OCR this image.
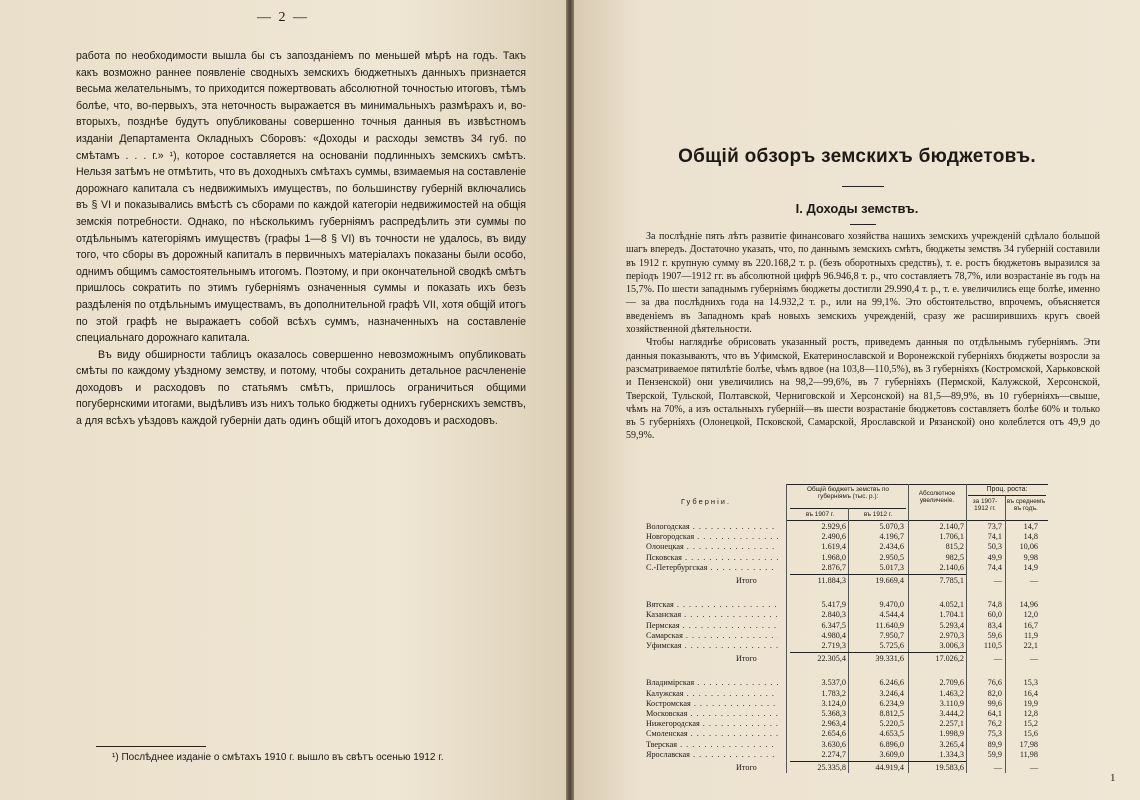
— 2 —

работа по необходимости вышла бы съ запозданіемъ по меньшей мѣрѣ на годъ. Такъ какъ возможно раннее появленіе сводныхъ земскихъ бюджетныхъ данныхъ признается весьма желательнымъ, то приходится пожертвовать абсолютной точностью итоговъ, тѣмъ болѣе, что, во-первыхъ, эта неточность выражается въ минимальныхъ размѣрахъ и, во-вторыхъ, позднѣе будутъ опубликованы совершенно точныя данныя въ извѣстномъ изданіи Департамента Окладныхъ Сборовъ: «Доходы и расходы земствъ 34 губ. по смѣтамъ . . . г.» ¹), которое составляется на основаніи подлинныхъ земскихъ смѣтъ. Нельзя затѣмъ не отмѣтить, что въ доходныхъ смѣтахъ суммы, взимаемыя на составленіе дорожнаго капитала съ недвижимыхъ имуществъ, по большинству губерній включались въ § VI и показывались вмѣстѣ съ сборами по каждой категоріи недвижимостей на общія земскія потребности. Однако, по нѣсколькимъ губерніямъ распредѣлить эти суммы по отдѣльнымъ категоріямъ имуществъ (графы 1—8 § VI) въ точности не удалось, въ виду того, что сборы въ дорожный капиталъ в первичныхъ матеріалахъ показаны были особо, однимъ общимъ самостоятельнымъ итогомъ. Поэтому, и при окончательной сводкѣ смѣтъ пришлось сократить по этимъ губерніямъ означенныя суммы и показать ихъ безъ раздѣленія по отдѣльнымъ имуществамъ, въ дополнительной графѣ VII, хотя общій итогъ по этой графѣ не выражаетъ собой всѣхъ суммъ, назначенныхъ на составленіе специальнаго дорожнаго капитала.

Въ виду обширности таблицъ оказалось совершенно невозможнымъ опубликовать смѣты по каждому уѣздному земству, и потому, чтобы сохранить детальное расчлененіе доходовъ и расходовъ по статьямъ смѣтъ, пришлось ограничиться общими погубернскими итогами, выдѣливъ изъ нихъ только бюджеты однихъ губернскихъ земствъ, а для всѣхъ уѣздовъ каждой губерніи дать одинъ общій итогъ доходовъ и расходовъ.

¹) Послѣднее изданіе о смѣтахъ 1910 г. вышло въ свѣтъ осенью 1912 г.
Общій обзоръ земскихъ бюджетовъ.
I. Доходы земствъ.

За послѣдніе пять лѣтъ развитіе финансоваго хозяйства нашихъ земскихъ учрежденій сдѣлало большой шагъ впередъ. Достаточно указать, что, по даннымъ земскихъ смѣтъ, бюджеты земствъ 34 губерній составили въ 1912 г. крупную сумму въ 220.168,2 т. р. (безъ оборотныхъ средствъ), т. е. ростъ бюджетовъ выразился за періодъ 1907—1912 гг. въ абсолютной цифрѣ 96.946,8 т. р., что составляетъ 78,7%, или возрастаніе въ годъ на 15,7%. По шести западнымъ губерніямъ бюджеты достигли 29.990,4 т. р., т. е. увеличились еще болѣе, именно — за два послѣднихъ года на 14.932,2 т. р., или на 99,1%. Это обстоятельство, впрочемъ, объясняется введеніемъ въ Западномъ краѣ новыхъ земскихъ учрежденій, сразу же расширившихъ кругъ своей хозяйственной дѣятельности.

Чтобы нагляднѣе обрисовать указанный ростъ, приведемъ данныя по отдѣльнымъ губерніямъ. Эти данныя показываютъ, что въ Уфимской, Екатеринославской и Воронежской губерніяхъ бюджеты возросли за разсматриваемое пятилѣтіе болѣе, чѣмъ вдвое (на 103,8—110,5%), въ 3 губерніяхъ (Костромской, Харьковской и Пензенской) они увеличились на 98,2—99,6%, въ 7 губерніяхъ (Пермской, Калужской, Херсонской, Тверской, Тульской, Полтавской, Черниговской и Херсонской) на 81,5—89,9%, въ 10 губерніяхъ—свыше, чѣмъ на 70%, а изъ остальныхъ губерній—въ шести возрастаніе бюджетовъ составляетъ болѣе 60% и только въ 5 губерніяхъ (Олонецкой, Псковской, Самарской, Ярославской и Рязанской) оно колеблется отъ 49,9 до 59,9%.

Губерніи.
Общій бюджетъ земствъ по губерніямъ (тыс. р.):
въ 1907 г.	въ 1912 г.
Абсолютное увеличеніе.
Проц. роста:
за 1907-1912 гг.
въ среднемъ въ годъ.
Вологодская . . .	2.929,6	5.070,3	2.140,7	73,7	14,7
Новгородская . . .	2.490,6	4.196,7	1.706,1	74,1	14,8
Олонецкая . . .	1.619,4	2.434,6	815,2	50,3	10,06
Псковская . . .	1.968,0	2.950,5	982,5	49,9	9,98
С.-Петербургская . . .	2.876,7	5.017,3	2.140,6	74,4	14,9
Итого	11.884,3	19.669,4	7.785,1	—	—
Вятская . . .	5.417,9	9.470,0	4.052,1	74,8	14,96
Казанская . . .	2.840,3	4.544,4	1.704.1	60,0	12,0
Пермская . . .	6.347,5	11.640,9	5.293,4	83,4	16,7
Самарская . . .	4.980,4	7.950,7	2.970,3	59,6	11,9
Уфимская . . .	2.719,3	5.725,6	3.006,3	110,5	22,1
Итого	22.305,4	39.331,6	17.026,2	—	—
Владимірская . . .	3.537,0	6.246,6	2.709,6	76,6	15,3
Калужская . . .	1.783,2	3.246,4	1.463,2	82,0	16,4
Костромская . . .	3.124,0	6.234,9	3.110,9	99,6	19,9
Московская . . .	5.368,3	8.812,5	3.444,2	64,1	12,8
Нижегородская . . .	2.963,4	5.220,5	2.257,1	76,2	15,2
Смоленская . . .	2.654,6	4.653,5	1.998,9	75,3	15,6
Тверская . . .	3.630,6	6.896,0	3.265,4	89,9	17,98
Ярославская . . .	2.274,7	3.609,0	1.334,3	59,9	11,98
Итого	25.335,8	44.919,4	19.583,6	—	—
1
